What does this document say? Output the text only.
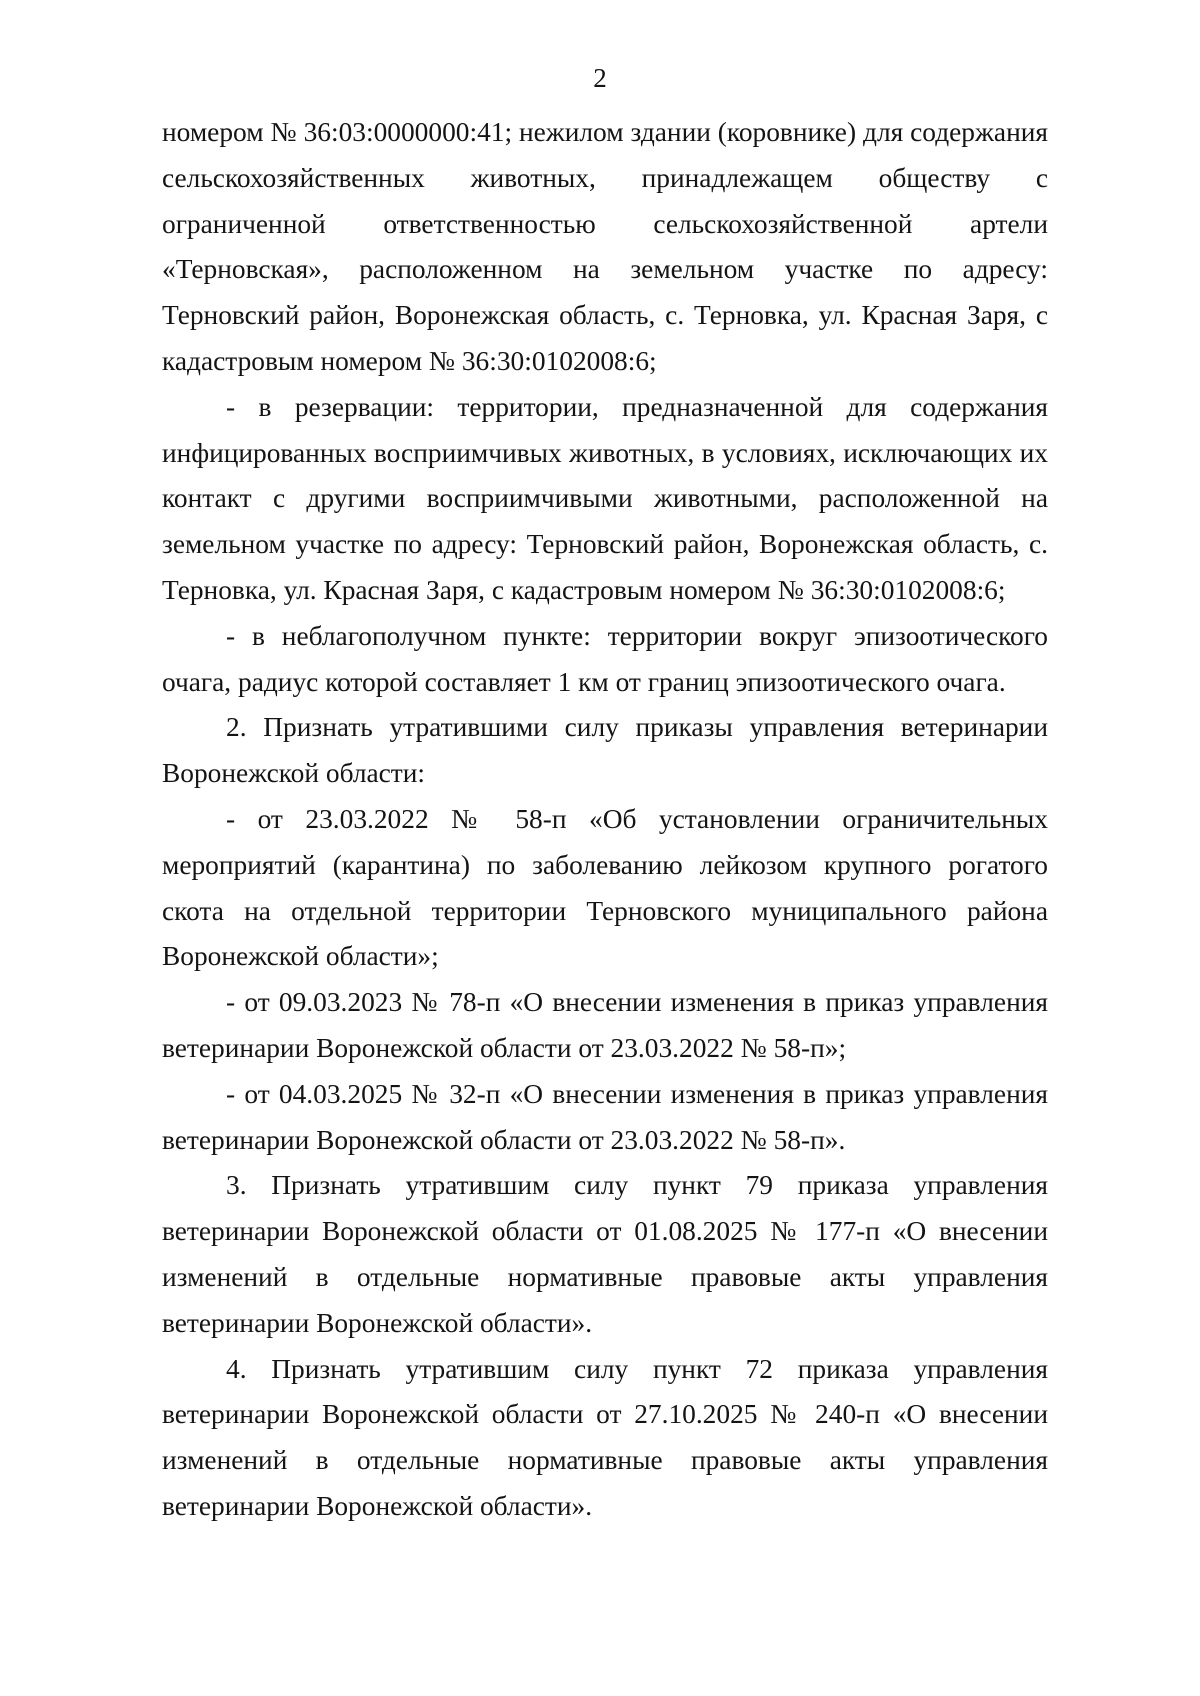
2

номером № 36:03:0000000:41; нежилом здании (коровнике) для содержания сельскохозяйственных животных, принадлежащем обществу с ограниченной ответственностью сельскохозяйственной артели «Терновская», расположенном на земельном участке по адресу: Терновский район, Воронежская область, с. Терновка, ул. Красная Заря, с кадастровым номером № 36:30:0102008:6;

- в резервации: территории, предназначенной для содержания инфицированных восприимчивых животных, в условиях, исключающих их контакт с другими восприимчивыми животными, расположенной на земельном участке по адресу: Терновский район, Воронежская область, с. Терновка, ул. Красная Заря, с кадастровым номером № 36:30:0102008:6;

- в неблагополучном пункте: территории вокруг эпизоотического очага, радиус которой составляет 1 км от границ эпизоотического очага.

2. Признать утратившими силу приказы управления ветеринарии Воронежской области:

- от 23.03.2022 № 58-п «Об установлении ограничительных мероприятий (карантина) по заболеванию лейкозом крупного рогатого скота на отдельной территории Терновского муниципального района Воронежской области»;

- от 09.03.2023 № 78-п «О внесении изменения в приказ управления ветеринарии Воронежской области от 23.03.2022 № 58-п»;

- от 04.03.2025 № 32-п «О внесении изменения в приказ управления ветеринарии Воронежской области от 23.03.2022 № 58-п».

3. Признать утратившим силу пункт 79 приказа управления ветеринарии Воронежской области от 01.08.2025 № 177-п «О внесении изменений в отдельные нормативные правовые акты управления ветеринарии Воронежской области».

4. Признать утратившим силу пункт 72 приказа управления ветеринарии Воронежской области от 27.10.2025 № 240-п «О внесении изменений в отдельные нормативные правовые акты управления ветеринарии Воронежской области».
